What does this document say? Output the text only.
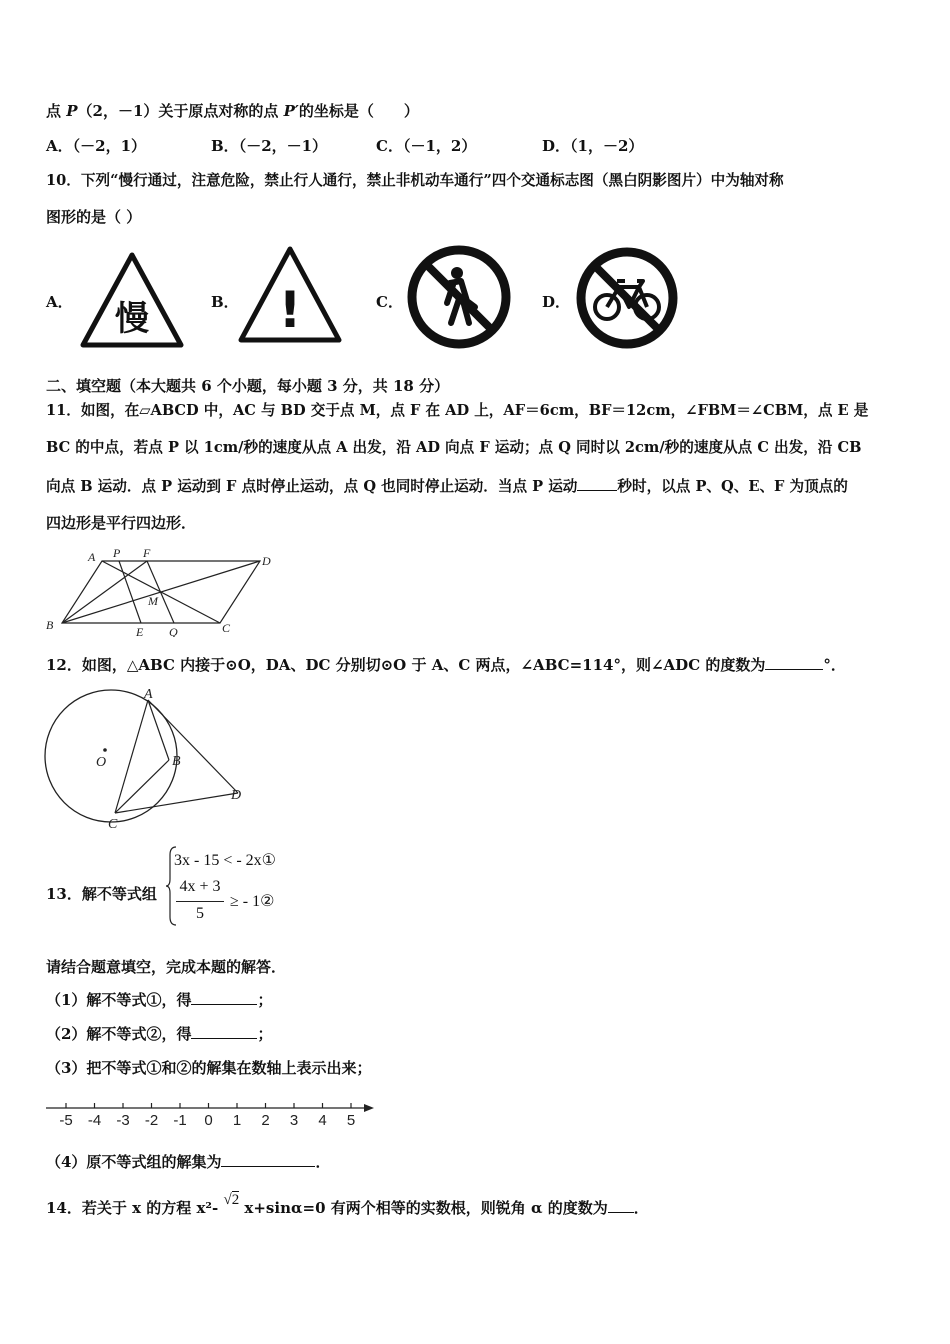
点 P（2，－1）关于原点对称的点 P′的坐标是（　　）
A．（－2，1）	B．（－2，－1）	C．（－1，2）	D．（1，－2）
10．下列“慢行通过，注意危险，禁止行人通行，禁止非机动车通行”四个交通标志图（黑白阴影图片）中为轴对称
图形的是（ ）
A．	B．	C．	D．
慢	!
二、填空题（本大题共 6 个小题，每小题 3 分，共 18 分）
11．如图，在▱ABCD 中，AC 与 BD 交于点 M，点 F 在 AD 上，AF＝6cm，BF＝12cm，∠FBM＝∠CBM，点 E 是
BC 的中点，若点 P 以 1cm/秒的速度从点 A 出发，沿 AD 向点 F 运动；点 Q 同时以 2cm/秒的速度从点 C 出发，沿 CB
向点 B 运动．点 P 运动到 F 点时停止运动，点 Q 也同时停止运动．当点 P 运动	秒时，以点 P、Q、E、F 为顶点的
四边形是平行四边形．
A P F
D
B	E Q	C
M
12．如图，△ABC 内接于⊙O，DA、DC 分别切⊙O 于 A、C 两点，∠ABC=114°，则∠ADC 的度数为	°．
A
O	B
C
D
13．解不等式组
3x - 15 < - 2x①
4x + 3
5
≥ - 1②
请结合题意填空，完成本题的解答．
（1）解不等式①，得	；
（2）解不等式②，得	；
（3）把不等式①和②的解集在数轴上表示出来；
-5 -4 -3 -2 -1 0 1 2 3 4 5
（4）原不等式组的解集为	．
14．若关于 x 的方程 x²- √2 x+sinα=0 有两个相等的实数根，则锐角 α 的度数为 ．
